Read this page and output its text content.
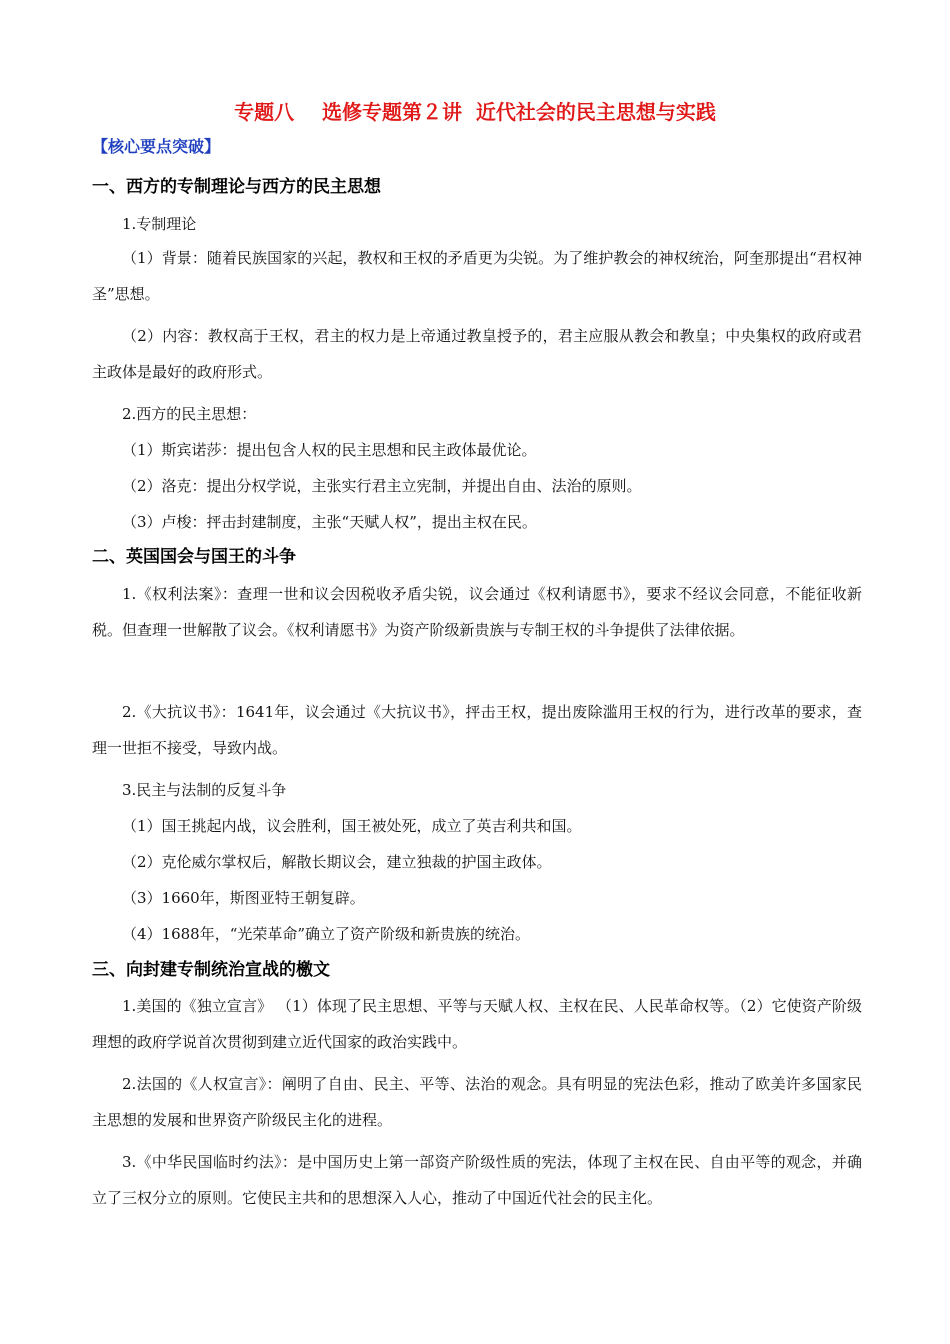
专题八    选修专题第２讲  近代社会的民主思想与实践
【核心要点突破】
一、西方的专制理论与西方的民主思想
1.专制理论
（1）背景：随着民族国家的兴起，教权和王权的矛盾更为尖锐。为了维护教会的神权统治，阿奎那提出“君权神圣”思想。
（2）内容：教权高于王权，君主的权力是上帝通过教皇授予的，君主应服从教会和教皇；中央集权的政府或君主政体是最好的政府形式。
2.西方的民主思想：
（1）斯宾诺莎：提出包含人权的民主思想和民主政体最优论。
（2）洛克：提出分权学说，主张实行君主立宪制，并提出自由、法治的原则。
（3）卢梭：抨击封建制度，主张“天赋人权”，提出主权在民。
二、英国国会与国王的斗争
1.《权利法案》：查理一世和议会因税收矛盾尖锐，议会通过《权利请愿书》，要求不经议会同意，不能征收新税。但查理一世解散了议会。《权利请愿书》为资产阶级新贵族与专制王权的斗争提供了法律依据。
2.《大抗议书》：1641年，议会通过《大抗议书》，抨击王权，提出废除滥用王权的行为，进行改革的要求，查理一世拒不接受，导致内战。
3.民主与法制的反复斗争
（1）国王挑起内战，议会胜利，国王被处死，成立了英吉利共和国。
（2）克伦威尔掌权后，解散长期议会，建立独裁的护国主政体。
（3）1660年，斯图亚特王朝复辟。
（4）1688年，“光荣革命”确立了资产阶级和新贵族的统治。
三、向封建专制统治宣战的檄文
1.美国的《独立宣言》 （1）体现了民主思想、平等与天赋人权、主权在民、人民革命权等。（2）它使资产阶级理想的政府学说首次贯彻到建立近代国家的政治实践中。
2.法国的《人权宣言》：阐明了自由、民主、平等、法治的观念。具有明显的宪法色彩，推动了欧美许多国家民主思想的发展和世界资产阶级民主化的进程。
3.《中华民国临时约法》：是中国历史上第一部资产阶级性质的宪法，体现了主权在民、自由平等的观念，并确立了三权分立的原则。它使民主共和的思想深入人心，推动了中国近代社会的民主化。
